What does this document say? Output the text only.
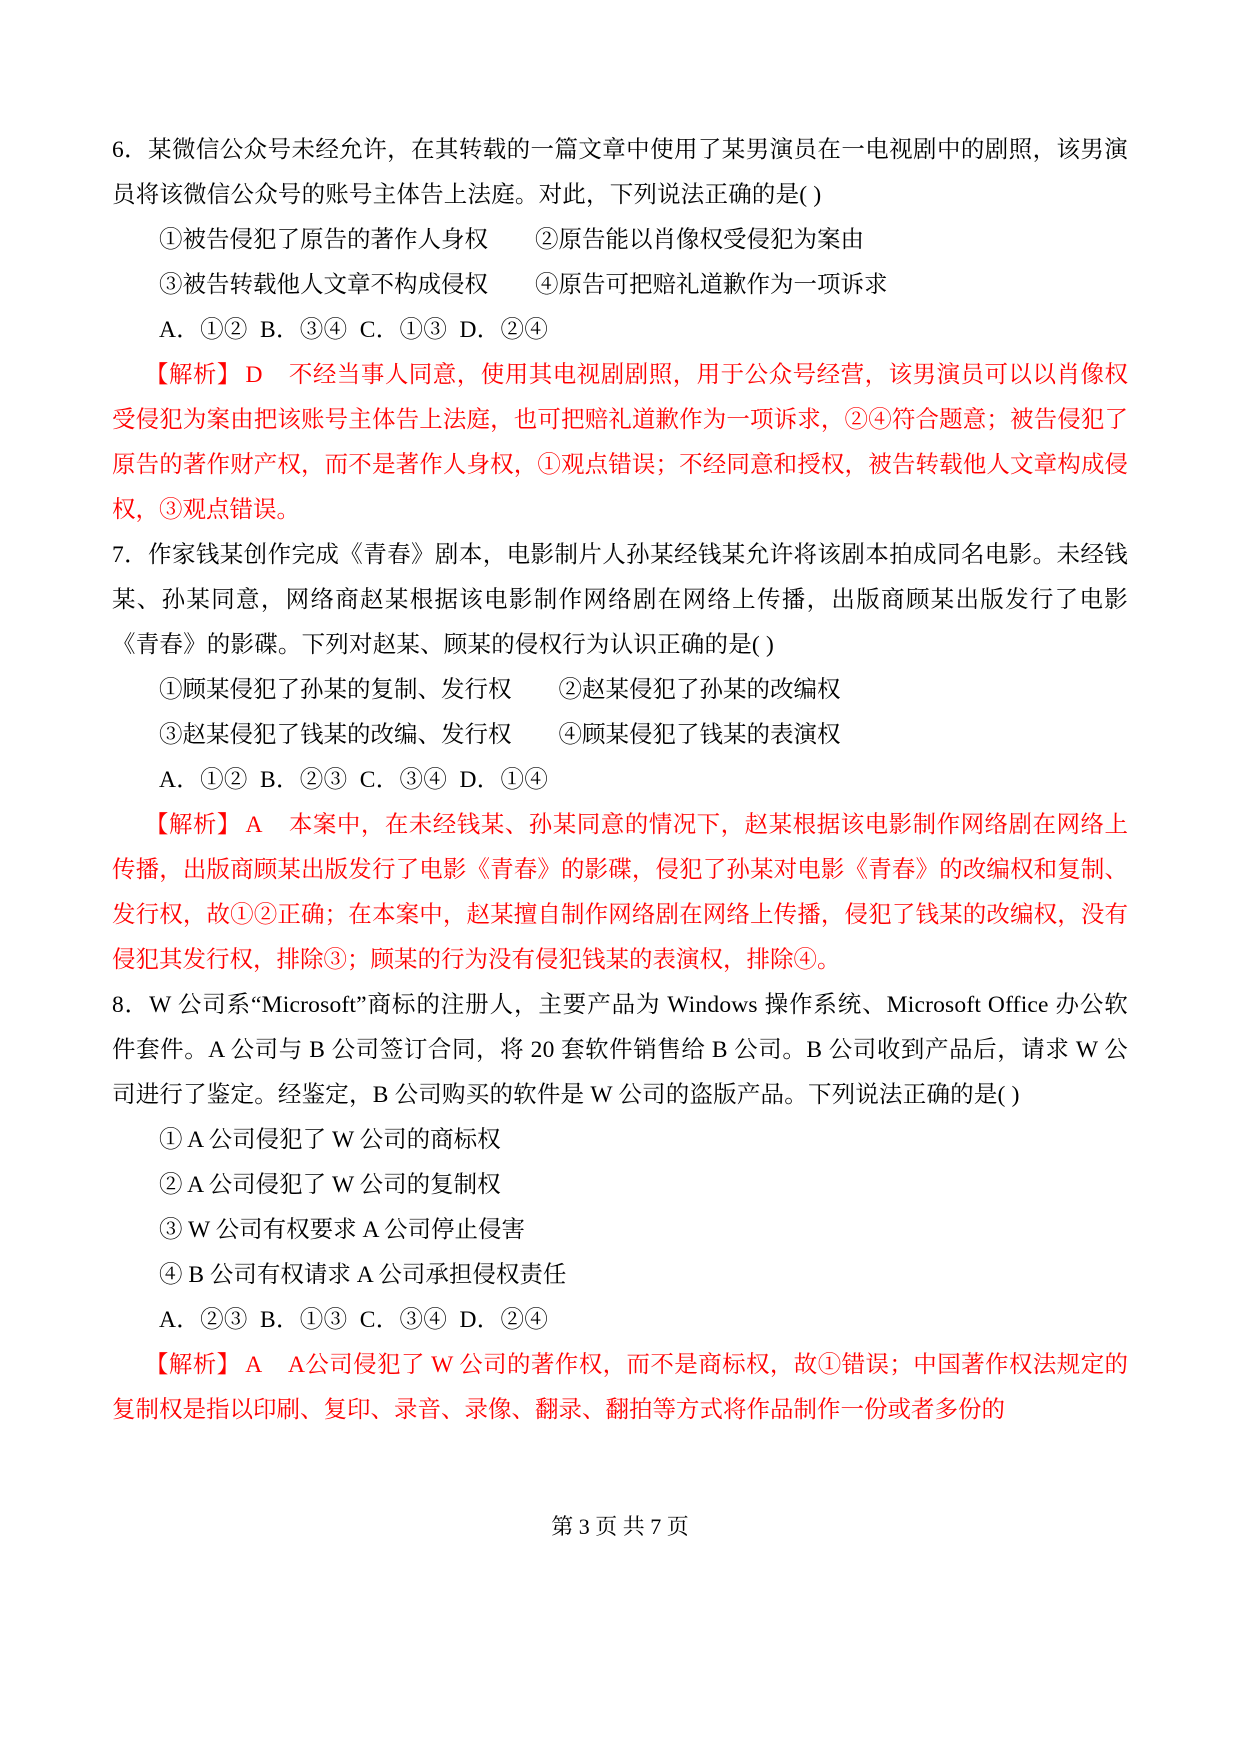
6．某微信公众号未经允许，在其转载的一篇文章中使用了某男演员在一电视剧中的剧照，该男演员将该微信公众号的账号主体告上法庭。对此，下列说法正确的是( )

①被告侵犯了原告的著作人身权　　 ②原告能以肖像权受侵犯为案由

③被告转载他人文章不构成侵权　　 ④原告可把赔礼道歉作为一项诉求

A．①②  B．③④  C．①③  D．②④

【解析】 D 不经当事人同意，使用其电视剧剧照，用于公众号经营，该男演员可以以肖像权受侵犯为案由把该账号主体告上法庭，也可把赔礼道歉作为一项诉求，②④符合题意；被告侵犯了原告的著作财产权，而不是著作人身权，①观点错误；不经同意和授权，被告转载他人文章构成侵权，③观点错误。

7．作家钱某创作完成《青春》剧本，电影制片人孙某经钱某允许将该剧本拍成同名电影。未经钱某、孙某同意，网络商赵某根据该电影制作网络剧在网络上传播，出版商顾某出版发行了电影《青春》的影碟。下列对赵某、顾某的侵权行为认识正确的是( )

①顾某侵犯了孙某的复制、发行权　　 ②赵某侵犯了孙某的改编权

③赵某侵犯了钱某的改编、发行权　　 ④顾某侵犯了钱某的表演权

A．①②  B．②③  C．③④  D．①④

【解析】 A 本案中，在未经钱某、孙某同意的情况下，赵某根据该电影制作网络剧在网络上传播，出版商顾某出版发行了电影《青春》的影碟，侵犯了孙某对电影《青春》的改编权和复制、发行权，故①②正确；在本案中，赵某擅自制作网络剧在网络上传播，侵犯了钱某的改编权，没有侵犯其发行权，排除③；顾某的行为没有侵犯钱某的表演权，排除④。

8．W 公司系“Microsoft”商标的注册人，主要产品为 Windows 操作系统、Microsoft Office 办公软件套件。A 公司与 B 公司签订合同，将 20 套软件销售给 B 公司。B 公司收到产品后，请求 W 公司进行了鉴定。经鉴定，B 公司购买的软件是 W 公司的盗版产品。下列说法正确的是( )

① A 公司侵犯了 W 公司的商标权

② A 公司侵犯了 W 公司的复制权

③ W 公司有权要求 A 公司停止侵害

④ B 公司有权请求 A 公司承担侵权责任

A．②③  B．①③  C．③④  D．②④

【解析】 A A公司侵犯了 W 公司的著作权，而不是商标权，故①错误；中国著作权法规定的复制权是指以印刷、复印、录音、录像、翻录、翻拍等方式将作品制作一份或者多份的

第 3 页 共 7 页
